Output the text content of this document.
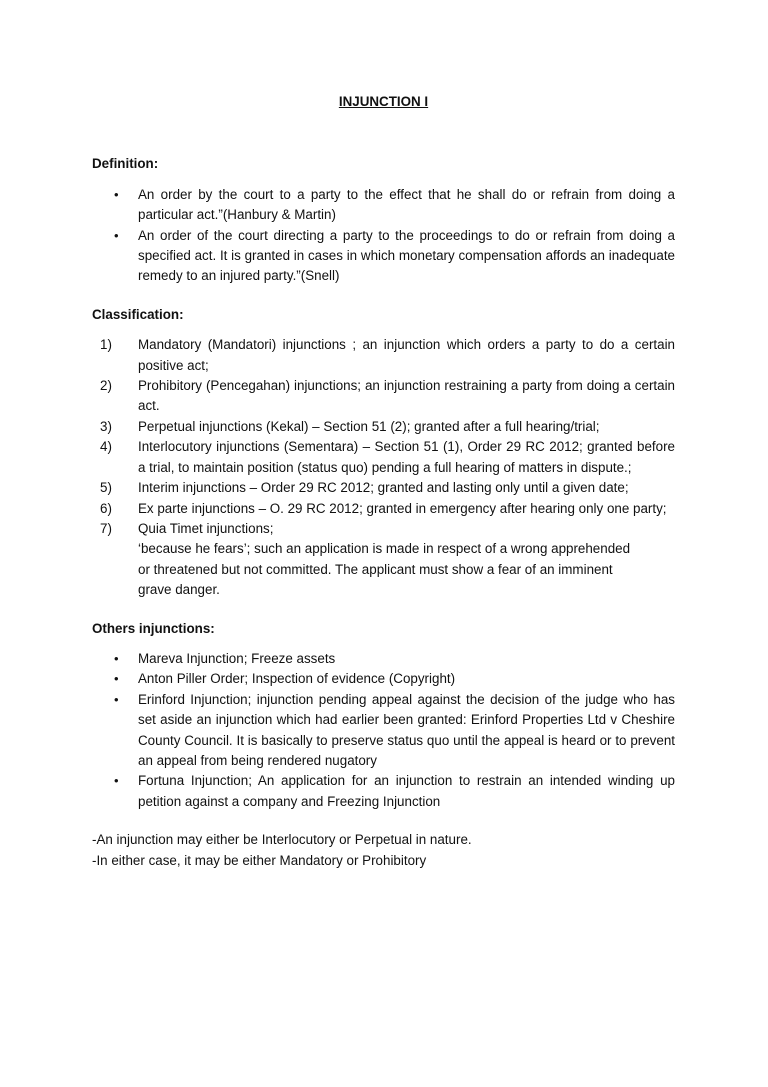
INJUNCTION I

Definition:

• An order by the court to a party to the effect that he shall do or refrain from doing a particular act.”(Hanbury & Martin)
• An order of the court directing a party to the proceedings to do or refrain from doing a specified act. It is granted in cases in which monetary compensation affords an inadequate remedy to an injured party.”(Snell)

Classification:

1) Mandatory (Mandatori) injunctions ; an injunction which orders a party to do a certain positive act;
2) Prohibitory (Pencegahan) injunctions; an injunction restraining a party from doing a certain act.
3) Perpetual injunctions (Kekal) – Section 51 (2); granted after a full hearing/trial;
4) Interlocutory injunctions (Sementara) – Section 51 (1), Order 29 RC 2012; granted before a trial, to maintain position (status quo) pending a full hearing of matters in dispute.;
5) Interim injunctions – Order 29 RC 2012; granted and lasting only until a given date;
6) Ex parte injunctions – O. 29 RC 2012; granted in emergency after hearing only one party;
7) Quia Timet injunctions;
‘because he fears’; such an application is made in respect of a wrong apprehended
or threatened but not committed. The applicant must show a fear of an imminent
grave danger.

Others injunctions:

• Mareva Injunction; Freeze assets
• Anton Piller Order; Inspection of evidence (Copyright)
• Erinford Injunction; injunction pending appeal against the decision of the judge who has set aside an injunction which had earlier been granted: Erinford Properties Ltd v Cheshire County Council. It is basically to preserve status quo until the appeal is heard or to prevent an appeal from being rendered nugatory
• Fortuna Injunction; An application for an injunction to restrain an intended winding up petition against a company and Freezing Injunction

-An injunction may either be Interlocutory or Perpetual in nature.

-In either case, it may be either Mandatory or Prohibitory
